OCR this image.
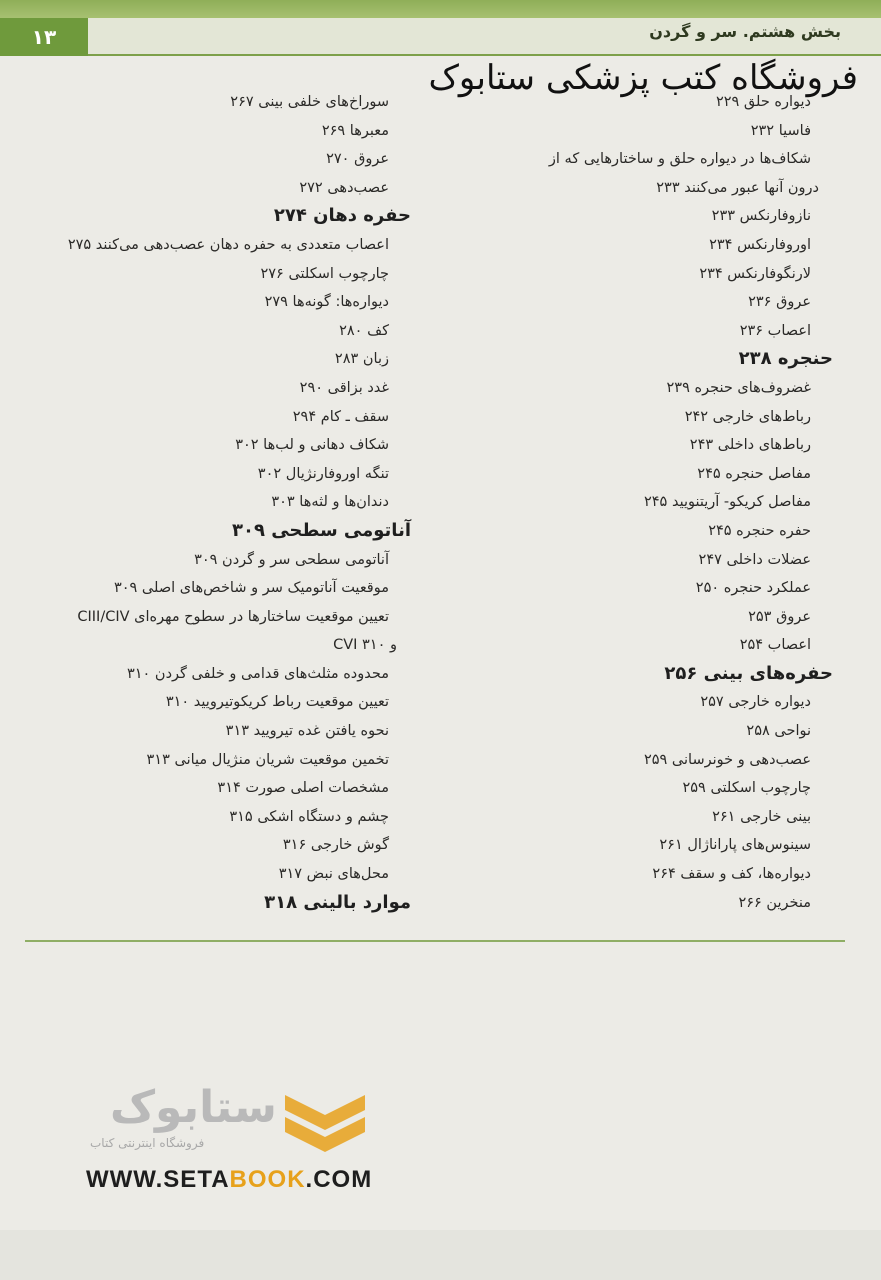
۱۳	بخش هشتم. سر و گردن
فروشگاه کتب پزشکی ستابوک
دیواره حلق ۲۲۹
فاسیا ۲۳۲
شکاف‌ها در دیواره حلق و ساختارهایی که از
درون آنها عبور می‌کنند ۲۳۳
نازوفارنکس ۲۳۳
اوروفارنکس ۲۳۴
لارنگوفارنکس ۲۳۴
عروق ۲۳۶
اعصاب ۲۳۶
حنجره ۲۳۸
غضروف‌های حنجره ۲۳۹
رباط‌های خارجی ۲۴۲
رباط‌های داخلی ۲۴۳
مفاصل حنجره ۲۴۵
مفاصل کریکو- آریتنویید ۲۴۵
حفره حنجره ۲۴۵
عضلات داخلی ۲۴۷
عملکرد حنجره ۲۵۰
عروق ۲۵۳
اعصاب ۲۵۴
حفره‌های بینی ۲۵۶
دیواره خارجی ۲۵۷
نواحی ۲۵۸
عصب‌دهی و خونرسانی ۲۵۹
چارچوب اسکلتی ۲۵۹
بینی خارجی ۲۶۱
سینوس‌های پاراناژال ۲۶۱
دیواره‌ها، کف و سقف ۲۶۴
منخرین ۲۶۶
سوراخ‌های خلفی بینی ۲۶۷
معبرها ۲۶۹
عروق ۲۷۰
عصب‌دهی ۲۷۲
حفره دهان ۲۷۴
اعصاب متعددی به حفره دهان عصب‌دهی می‌کنند ۲۷۵
چارچوب اسکلتی ۲۷۶
دیواره‌ها: گونه‌ها ۲۷۹
کف ۲۸۰
زبان ۲۸۳
غدد بزاقی ۲۹۰
سقف ـ کام ۲۹۴
شکاف دهانی و لب‌ها ۳۰۲
تنگه اوروفارنژیال ۳۰۲
دندان‌ها و لثه‌ها ۳۰۳
آناتومی سطحی ۳۰۹
آناتومی سطحی سر و گردن ۳۰۹
موقعیت آناتومیک سر و شاخص‌های اصلی ۳۰۹
تعیین موقعیت ساختارها در سطوح مهره‌ای CIII/CIV
و CVI ۳۱۰
محدوده مثلث‌های قدامی و خلفی گردن ۳۱۰
تعیین موقعیت رباط کریکوتیرویید ۳۱۰
نحوه یافتن غده تیرویید ۳۱۳
تخمین موقعیت شریان منژیال میانی ۳۱۳
مشخصات اصلی صورت ۳۱۴
چشم و دستگاه اشکی ۳۱۵
گوش خارجی ۳۱۶
محل‌های نبض ۳۱۷
موارد بالینی ۳۱۸
ستابوک
فروشگاه اینترنتی کتاب
WWW.SETABOOK.COM
